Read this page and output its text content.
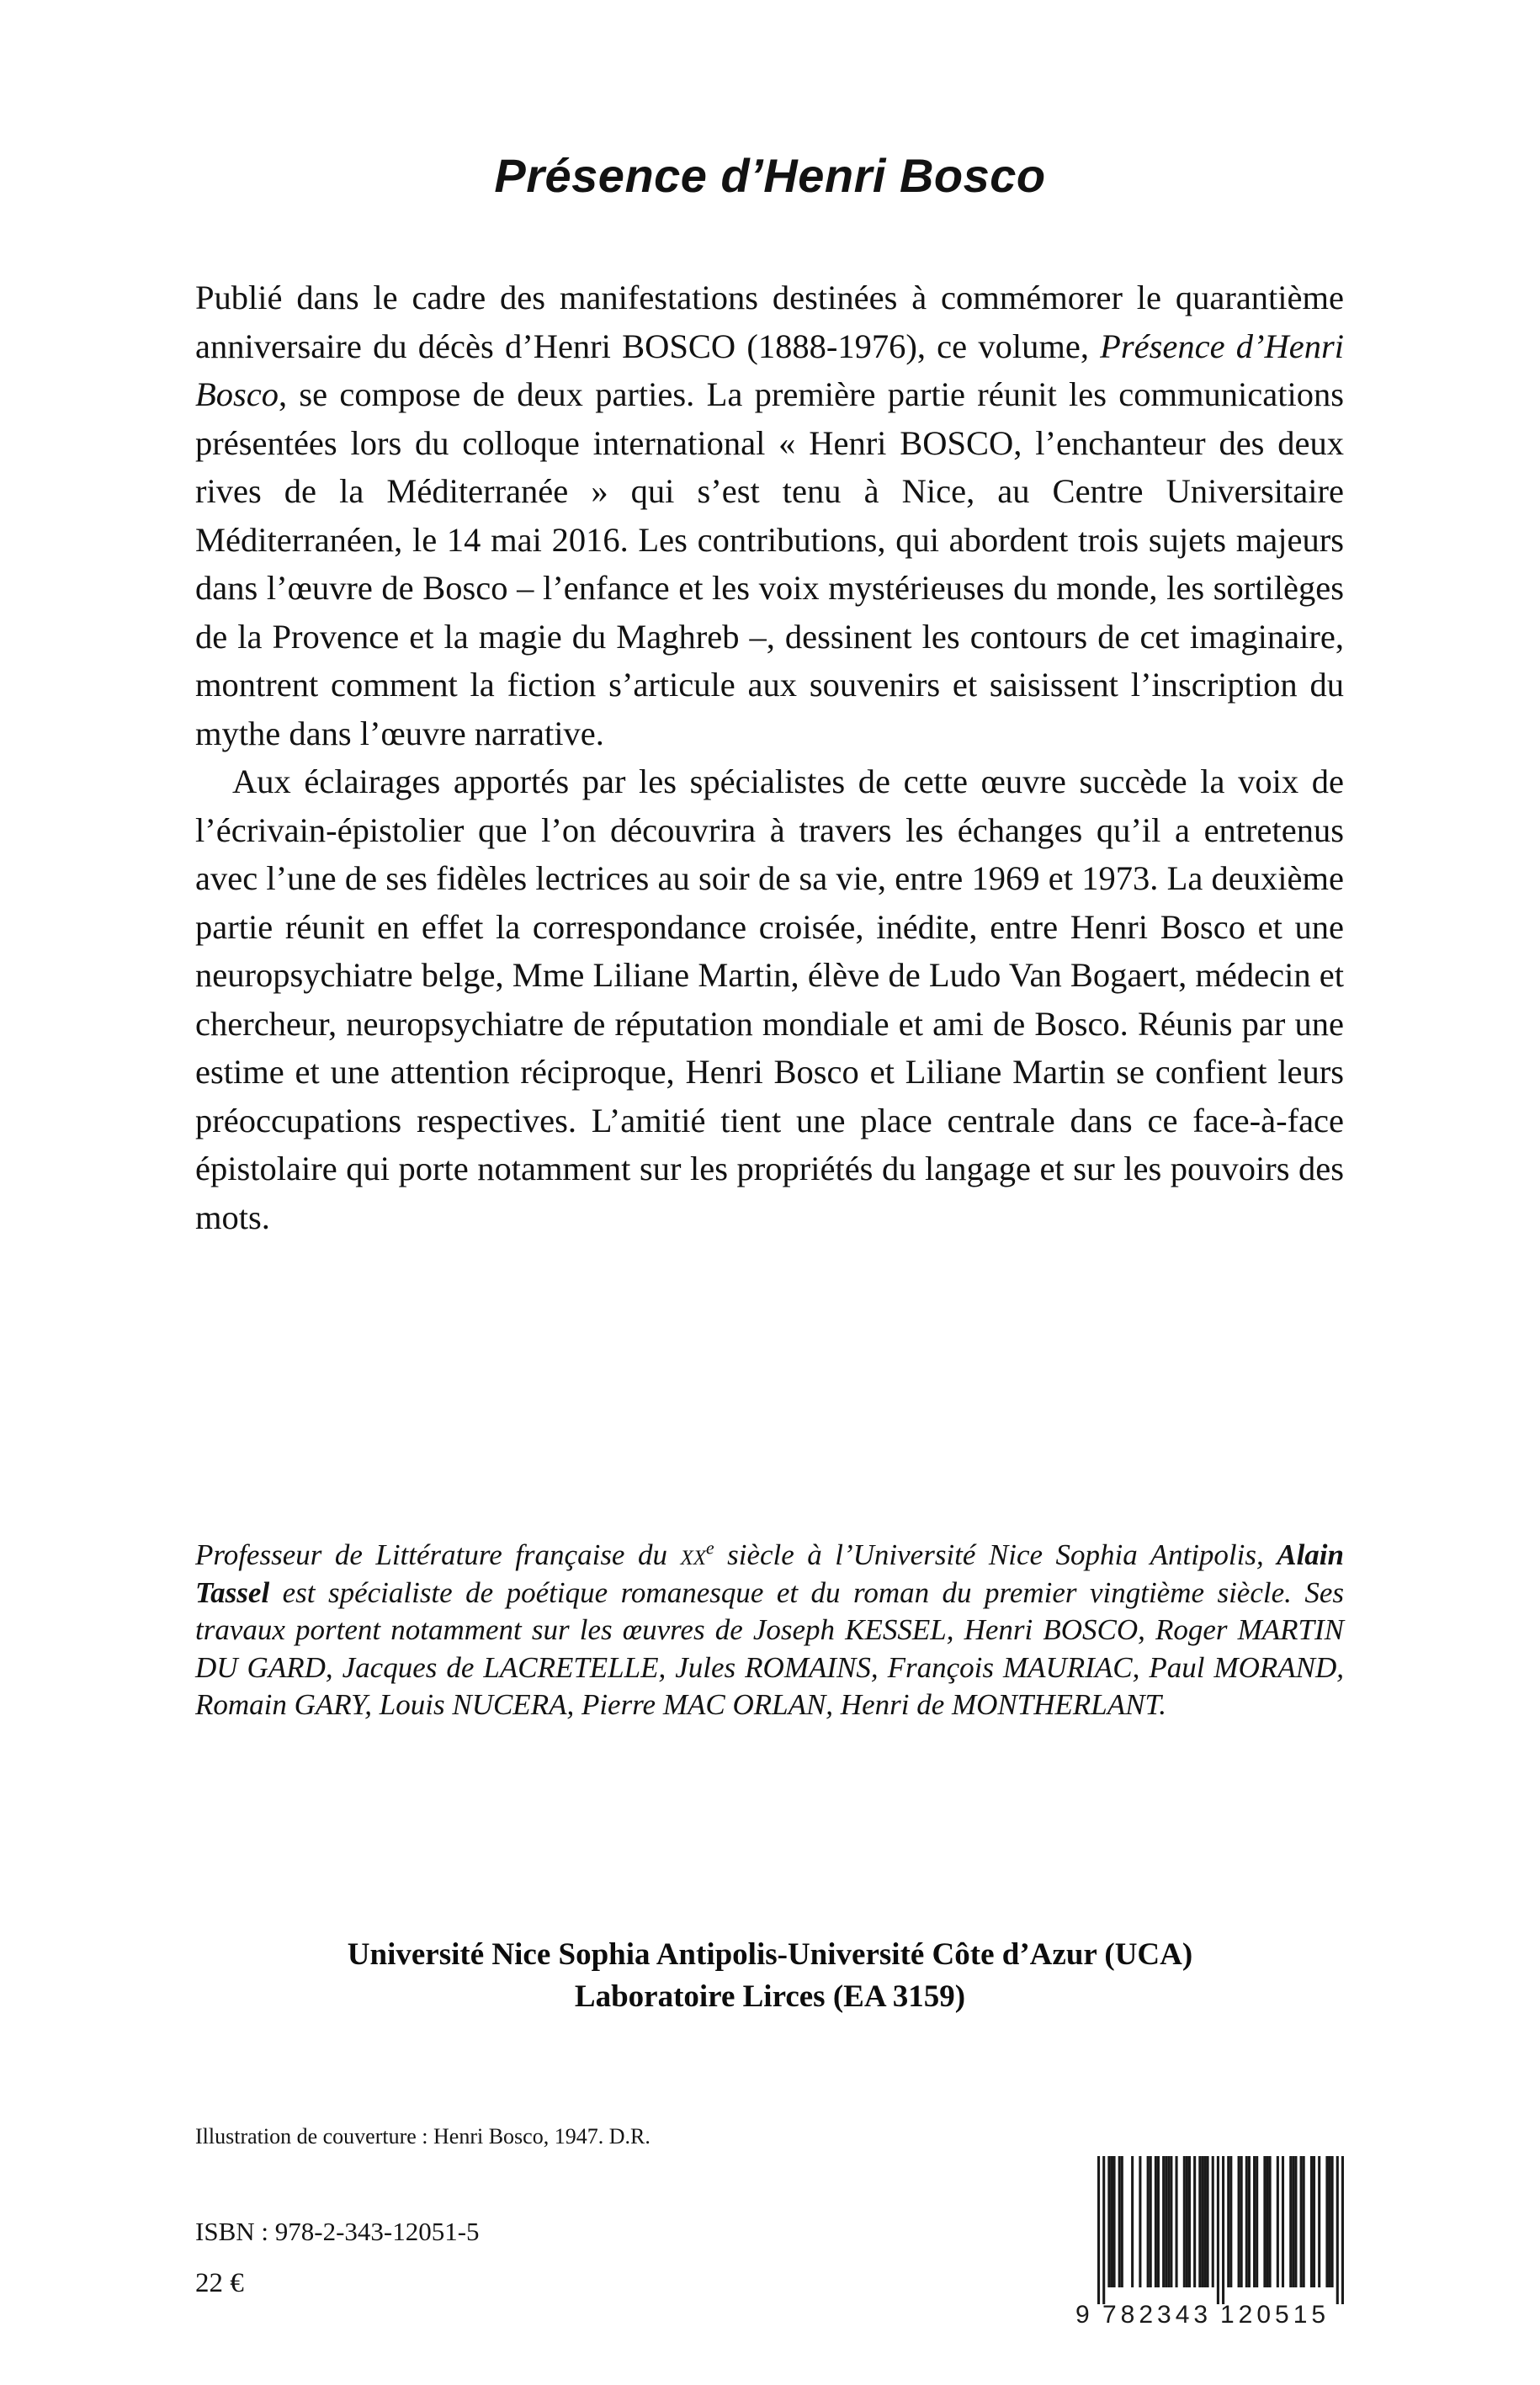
Présence d’Henri Bosco

Publié dans le cadre des manifestations destinées à commémorer le quarantième anniversaire du décès d’Henri BOSCO (1888-1976), ce volume, Présence d’Henri Bosco, se compose de deux parties. La première partie réunit les communications présentées lors du colloque international « Henri BOSCO, l’enchanteur des deux rives de la Méditerranée » qui s’est tenu à Nice, au Centre Universitaire Méditerranéen, le 14 mai 2016. Les contributions, qui abordent trois sujets majeurs dans l’œuvre de Bosco – l’enfance et les voix mystérieuses du monde, les sortilèges de la Provence et la magie du Maghreb –, dessinent les contours de cet imaginaire, montrent comment la fiction s’articule aux souvenirs et saisissent l’inscription du mythe dans l’œuvre narrative.

Aux éclairages apportés par les spécialistes de cette œuvre succède la voix de l’écrivain-épistolier que l’on découvrira à travers les échanges qu’il a entretenus avec l’une de ses fidèles lectrices au soir de sa vie, entre 1969 et 1973. La deuxième partie réunit en effet la correspondance croisée, inédite, entre Henri Bosco et une neuropsychiatre belge, Mme Liliane Martin, élève de Ludo Van Bogaert, médecin et chercheur, neuropsychiatre de réputation mondiale et ami de Bosco. Réunis par une estime et une attention réciproque, Henri Bosco et Liliane Martin se confient leurs préoccupations respectives. L’amitié tient une place centrale dans ce face-à-face épistolaire qui porte notamment sur les propriétés du langage et sur les pouvoirs des mots.

Professeur de Littérature française du $xx^e$ siècle à l’Université Nice Sophia Antipolis, Alain Tassel est spécialiste de poétique romanesque et du roman du premier vingtième siècle. Ses travaux portent notamment sur les œuvres de Joseph KESSEL, Henri BOSCO, Roger MARTIN DU GARD, Jacques de LACRETELLE, Jules ROMAINS, François MAURIAC, Paul MORAND, Romain GARY, Louis NUCERA, Pierre MAC ORLAN, Henri de MONTHERLANT.

Université Nice Sophia Antipolis-Université Côte d’Azur (UCA)
Laboratoire Lirces (EA 3159)
Illustration de couverture : Henri Bosco, 1947. D.R.
ISBN : 978-2-343-12051-5
22 €
9 782343 120515
